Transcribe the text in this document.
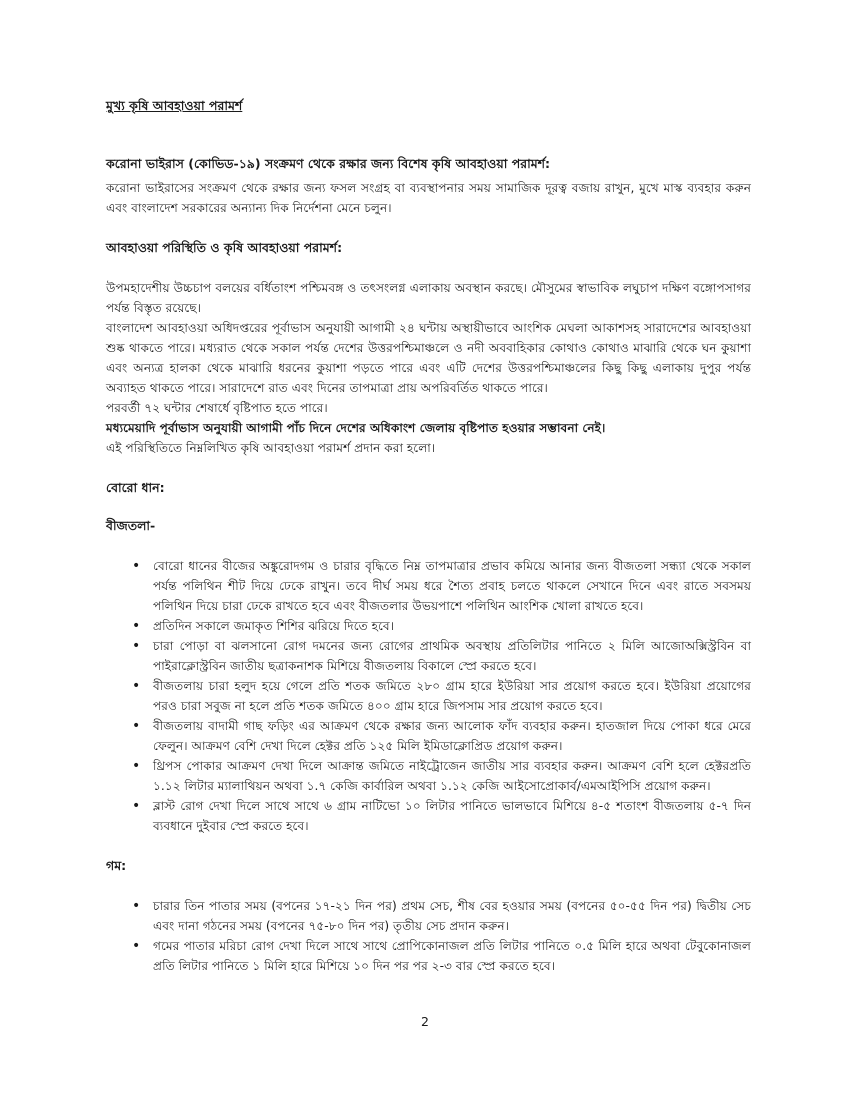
মুখ্য কৃষি আবহাওয়া পরামর্শ
করোনা ভাইরাস (কোভিড-১৯) সংক্রমণ থেকে রক্ষার জন্য বিশেষ কৃষি আবহাওয়া পরামর্শ:

করোনা ভাইরাসের সংক্রমণ থেকে রক্ষার জন্য ফসল সংগ্রহ বা ব্যবস্থাপনার সময় সামাজিক দূরত্ব বজায় রাখুন, মুখে মাস্ক ব্যবহার করুন এবং বাংলাদেশ সরকারের অন্যান্য দিক নির্দেশনা মেনে চলুন।

আবহাওয়া পরিস্থিতি ও কৃষি আবহাওয়া পরামর্শ:

উপমহাদেশীয় উচ্চচাপ বলয়ের বর্ধিতাংশ পশ্চিমবঙ্গ ও তৎসংলগ্ন এলাকায় অবস্থান করছে। মৌসুমের স্বাভাবিক লঘুচাপ দক্ষিণ বঙ্গোপসাগর পর্যন্ত বিস্তৃত রয়েছে।

বাংলাদেশ আবহাওয়া অধিদপ্তরের পূর্বাভাস অনুযায়ী আগামী ২৪ ঘন্টায় অস্থায়ীভাবে আংশিক মেঘলা আকাশসহ সারাদেশের আবহাওয়া শুষ্ক থাকতে পারে। মধ্যরাত থেকে সকাল পর্যন্ত দেশের উত্তরপশ্চিমাঞ্চলে ও নদী অববাহিকার কোথাও কোথাও মাঝারি থেকে ঘন কুয়াশা এবং অন্যত্র হালকা থেকে মাঝারি ধরনের কুয়াশা পড়তে পারে এবং এটি দেশের উত্তরপশ্চিমাঞ্চলের কিছু কিছু এলাকায় দুপুর পর্যন্ত অব্যাহত থাকতে পারে। সারাদেশে রাত এবং দিনের তাপমাত্রা প্রায় অপরিবর্তিত থাকতে পারে।

পরবর্তী ৭২ ঘন্টার শেষার্ধে বৃষ্টিপাত হতে পারে।

মধ্যমেয়াদি পূর্বাভাস অনুযায়ী আগামী পাঁচ দিনে দেশের অধিকাংশ জেলায় বৃষ্টিপাত হওয়ার সম্ভাবনা নেই।

এই পরিস্থিতিতে নিম্নলিখিত কৃষি আবহাওয়া পরামর্শ প্রদান করা হলো।

বোরো ধান:
বীজতলা-
• বোরো ধানের বীজের অঙ্কুরোদগম ও চারার বৃদ্ধিতে নিম্ন তাপমাত্রার প্রভাব কমিয়ে আনার জন্য বীজতলা সন্ধ্যা থেকে সকাল পর্যন্ত পলিথিন শীট দিয়ে ঢেকে রাখুন। তবে দীর্ঘ সময় ধরে শৈত্য প্রবাহ চলতে থাকলে সেখানে দিনে এবং রাতে সবসময় পলিথিন দিয়ে চারা ঢেকে রাখতে হবে এবং বীজতলার উভয়পাশে পলিথিন আংশিক খোলা রাখতে হবে।
• প্রতিদিন সকালে জমাকৃত শিশির ঝরিয়ে দিতে হবে।
• চারা পোড়া বা ঝলসানো রোগ দমনের জন্য রোগের প্রাথমিক অবস্থায় প্রতিলিটার পানিতে ২ মিলি আজোঅক্সিস্ট্রবিন বা পাইরাক্লোস্ট্রবিন জাতীয় ছত্রাকনাশক মিশিয়ে বীজতলায় বিকালে স্প্রে করতে হবে।
• বীজতলায় চারা হলুদ হয়ে গেলে প্রতি শতক জমিতে ২৮০ গ্রাম হারে ইউরিয়া সার প্রয়োগ করতে হবে। ইউরিয়া প্রয়োগের পরও চারা সবুজ না হলে প্রতি শতক জমিতে ৪০০ গ্রাম হারে জিপসাম সার প্রয়োগ করতে হবে।
• বীজতলায় বাদামী গাছ ফড়িং এর আক্রমণ থেকে রক্ষার জন্য আলোক ফাঁদ ব্যবহার করুন। হাতজাল দিয়ে পোকা ধরে মেরে ফেলুন। আক্রমণ বেশি দেখা দিলে হেক্টর প্রতি ১২৫ মিলি ইমিডাক্লোপ্রিড প্রয়োগ করুন।
• থ্রিপস পোকার আক্রমণ দেখা দিলে আক্রান্ত জমিতে নাইট্রোজেন জাতীয় সার ব্যবহার করুন। আক্রমণ বেশি হলে হেক্টরপ্রতি ১.১২ লিটার ম্যালাথিয়ন অথবা ১.৭ কেজি কার্বারিল অথবা ১.১২ কেজি আইসোপ্রোকার্ব/এমআইপিসি প্রয়োগ করুন।
• ব্লাস্ট রোগ দেখা দিলে সাথে সাথে ৬ গ্রাম নাটিভো ১০ লিটার পানিতে ভালভাবে মিশিয়ে ৪-৫ শতাংশ বীজতলায় ৫-৭ দিন ব্যবধানে দুইবার স্প্রে করতে হবে।
গম:
• চারার তিন পাতার সময় (বপনের ১৭-২১ দিন পর) প্রথম সেচ, শীষ বের হওয়ার সময় (বপনের ৫০-৫৫ দিন পর) দ্বিতীয় সেচ এবং দানা গঠনের সময় (বপনের ৭৫-৮০ দিন পর) তৃতীয় সেচ প্রদান করুন।
• গমের পাতার মরিচা রোগ দেখা দিলে সাথে সাথে প্রোপিকোনাজল প্রতি লিটার পানিতে ০.৫ মিলি হারে অথবা টেবুকোনাজল প্রতি লিটার পানিতে ১ মিলি হারে মিশিয়ে ১০ দিন পর পর ২-৩ বার স্প্রে করতে হবে।
2
